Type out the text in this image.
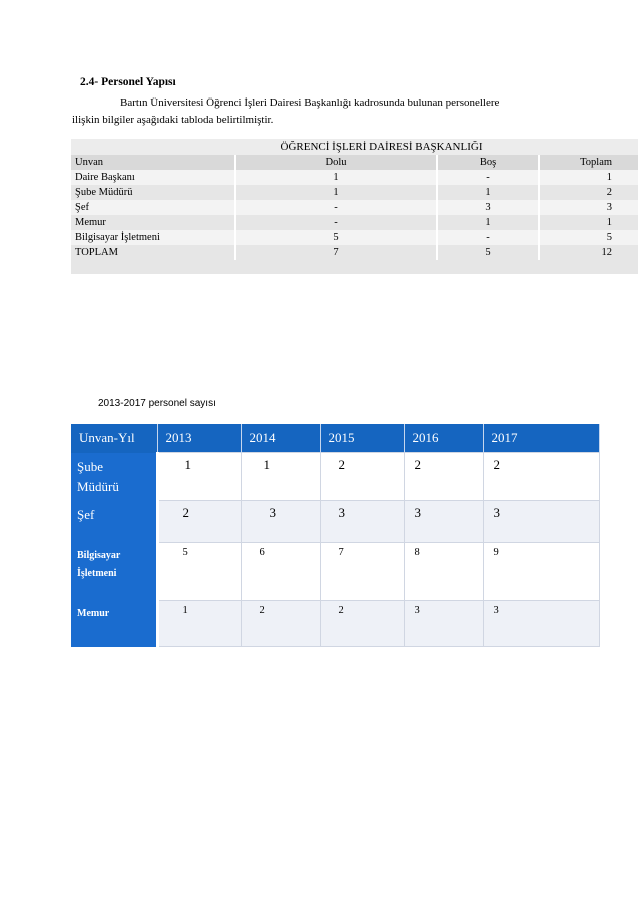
2.4- Personel Yapısı
Bartın Üniversitesi Öğrenci İşleri Dairesi Başkanlığı kadrosunda bulunan personellere
ilişkin bilgiler aşağıdaki tabloda belirtilmiştir.
ÖĞRENCİ İŞLERİ DAİRESİ BAŞKANLIĞI			
Unvan	Dolu	Boş	Toplam
Daire Başkanı	1	-	1
Şube Müdürü	1	1	2
Şef	-	3	3
Memur	-	1	1
Bilgisayar İşletmeni	5	-	5
TOPLAM	7	5	12
2013-2017 personel sayısı
Unvan-Yıl	2013	2014	2015	2016	2017

Şube
Müdürü	1	1	2	2	2

Şef	2	3	3	3	3

Bilgisayar
İşletmeni	5	6	7	8	9

Memur	1	2	2	3	3
